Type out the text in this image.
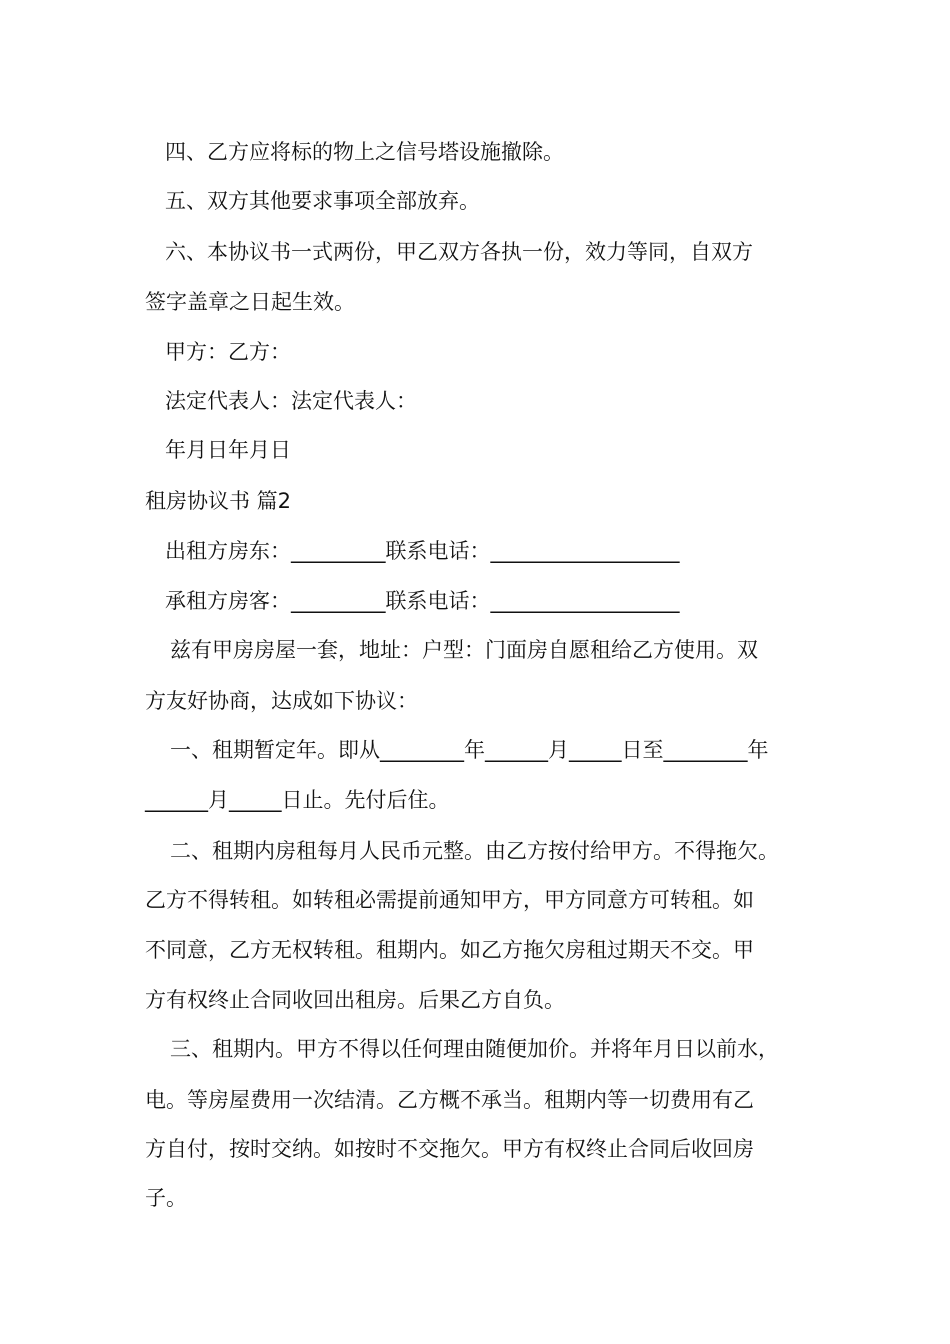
四、乙方应将标的物上之信号塔设施撤除。
五、双方其他要求事项全部放弃。
六、本协议书一式两份，甲乙双方各执一份，效力等同，自双方
签字盖章之日起生效。
甲方：乙方：
法定代表人：法定代表人：
年月日年月日
租房协议书 篇2
出租方房东：_________联系电话：__________________
承租方房客：_________联系电话：__________________
兹有甲房房屋一套，地址：户型：门面房自愿租给乙方使用。双
方友好协商，达成如下协议：
一、租期暂定年。即从________年______月_____日至________年
______月_____日止。先付后住。
二、租期内房租每月人民币元整。由乙方按付给甲方。不得拖欠。
乙方不得转租。如转租必需提前通知甲方，甲方同意方可转租。如
不同意，乙方无权转租。租期内。如乙方拖欠房租过期天不交。甲
方有权终止合同收回出租房。后果乙方自负。
三、租期内。甲方不得以任何理由随便加价。并将年月日以前水，
电。等房屋费用一次结清。乙方概不承当。租期内等一切费用有乙
方自付，按时交纳。如按时不交拖欠。甲方有权终止合同后收回房
子。
